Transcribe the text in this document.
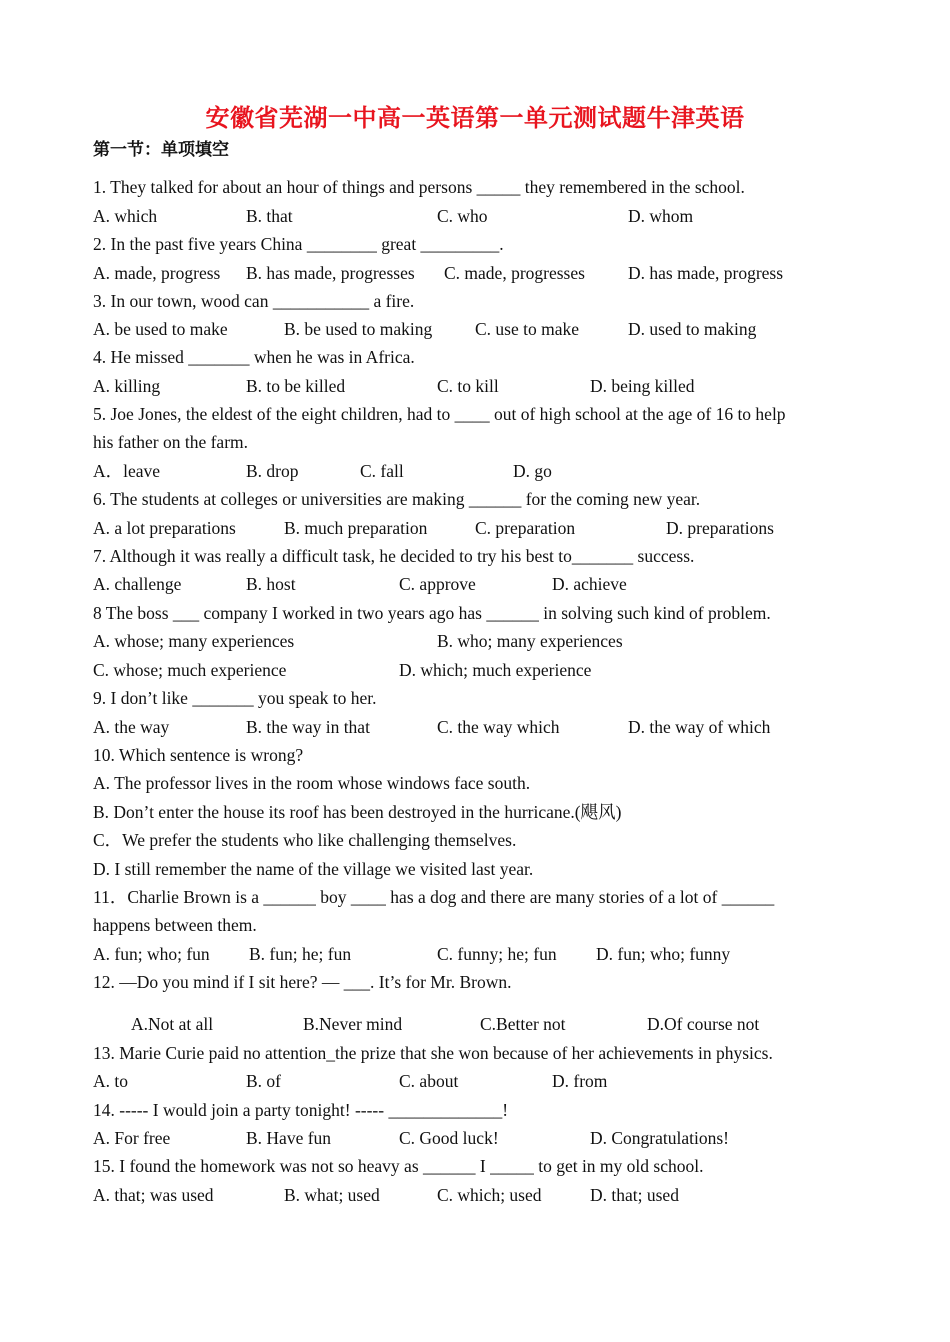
安徽省芜湖一中高一英语第一单元测试题牛津英语
第一节：单项填空
1. They talked for about an hour of things and persons _____ they remembered in the school.
A. which	B. that	C. who	D. whom
2. In the past five years China ________ great _________.
A. made, progress B. has made, progresses C. made, progresses D. has made, progress
3. In our town, wood can ___________ a fire.
A. be used to make	B. be used to making C. use to make	D. used to making
4. He missed _______ when he was in Africa.
A. killing	B. to be killed	C. to kill	D. being killed
5. Joe Jones, the eldest of the eight children, had to ____ out of high school at the age of 16 to help
his father on the farm.
A．leave	B. drop	C. fall	D. go
6. The students at colleges or universities are making ______ for the coming new year.
A. a lot preparations	B. much preparation	C. preparation	D. preparations
7. Although it was really a difficult task, he decided to try his best to_______ success.
A. challenge	B. host	C. approve	D. achieve
8 The boss ___ company I worked in two years ago has ______ in solving such kind of problem.
A. whose; many experiences	B. who; many experiences
C. whose; much experience	D. which; much experience
9. I don’t like _______ you speak to her.
A. the way	B. the way in that	C. the way which	D. the way of which
10. Which sentence is wrong?
A. The professor lives in the room whose windows face south.
B. Don’t enter the house its roof has been destroyed in the hurricane.(飓风)
C．We prefer the students who like challenging themselves.
D. I still remember the name of the village we visited last year.
11．Charlie Brown is a ______ boy ____ has a dog and there are many stories of a lot of ______
happens between them.
A. fun; who; fun B. fun; he; fun	C. funny; he; fun D. fun; who; funny
12. —Do you mind if I sit here? — ___. It’s for Mr. Brown.
A.Not at all	B.Never mind	C.Better not	D.Of course not
13. Marie Curie paid no attention_the prize that she won because of her achievements in physics.
A. to	B. of	C. about	D. from
14. ----- I would join a party tonight! ----- _____________!
A. For free	B. Have fun	C. Good luck!	D. Congratulations!
15. I found the homework was not so heavy as ______ I _____ to get in my old school.
A. that; was used	B. what; used	C. which; used	D. that; used
